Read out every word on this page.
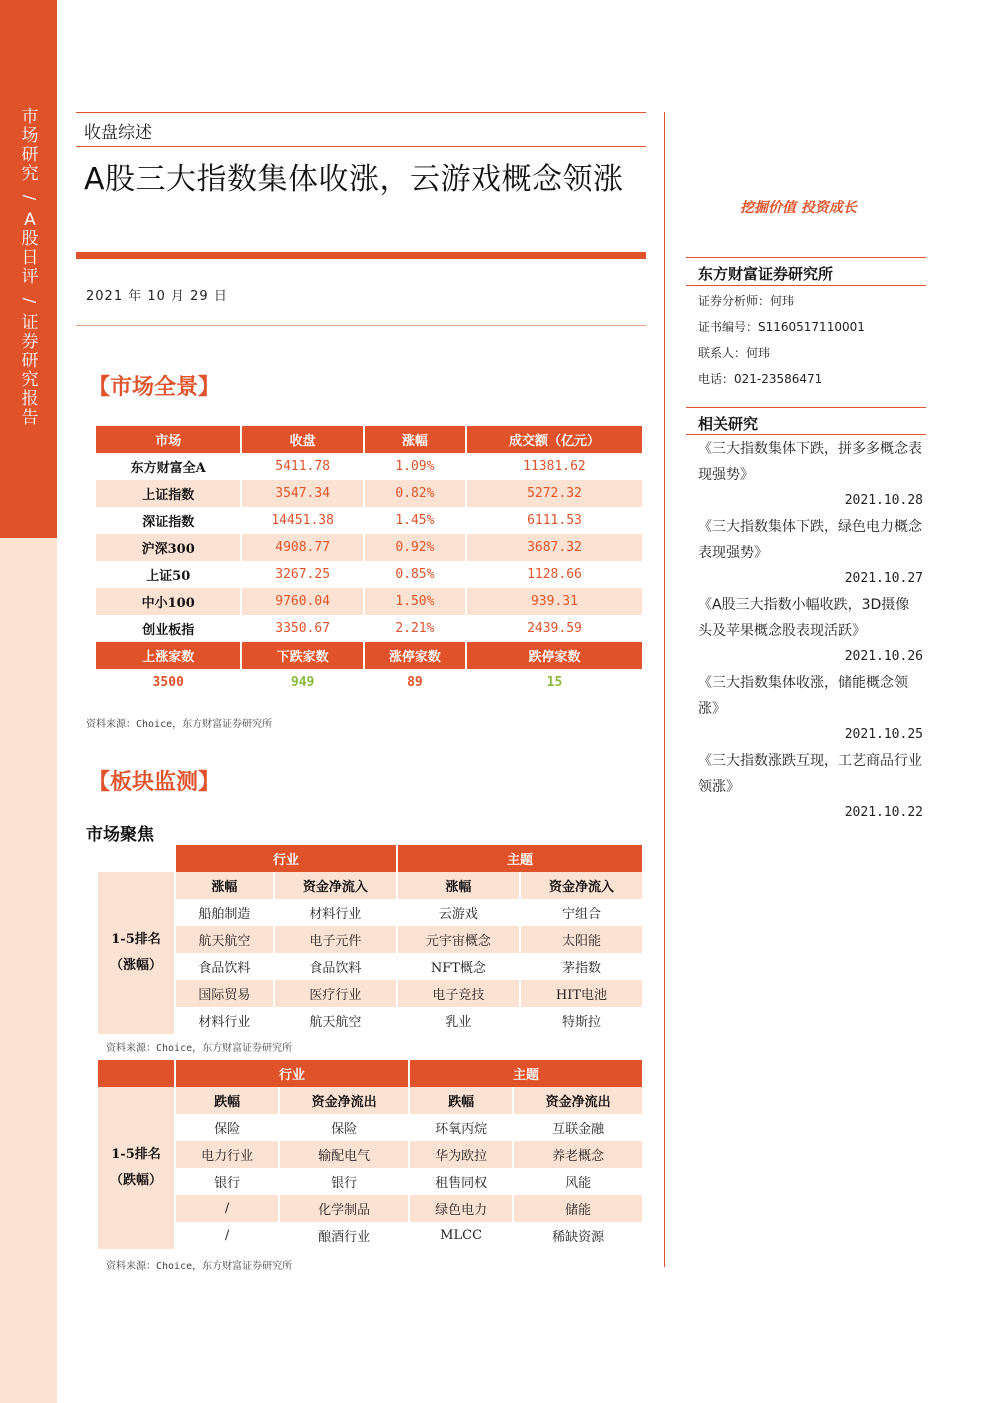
市场研究
/
A股日评
/
证券研究报告
收盘综述
A股三大指数集体收涨，云游戏概念领涨
2021 年 10 月 29 日
【市场全景】
市场	收盘	涨幅	成交额（亿元）
东方财富全A	5411.78	1.09%	11381.62
上证指数	3547.34	0.82%	5272.32
深证指数	14451.38	1.45%	6111.53
沪深300	4908.77	0.92%	3687.32
上证50	3267.25	0.85%	1128.66
中小100	9760.04	1.50%	939.31
创业板指	3350.67	2.21%	2439.59
上涨家数	下跌家数	涨停家数	跌停家数
3500	949	89	15
资料来源：Choice，东方财富证券研究所
【板块监测】
市场聚焦
	行业		主题	

1-5排名
（涨幅）	涨幅	资金净流入	涨幅	资金净流入
	船舶制造	材料行业	云游戏	宁组合
	航天航空	电子元件	元宇宙概念	太阳能
	食品饮料	食品饮料	NFT概念	茅指数
	国际贸易	医疗行业	电子竞技	HIT电池
	材料行业	航天航空	乳业	特斯拉
资料来源：Choice，东方财富证券研究所
	行业		主题	

1-5排名
（跌幅）	跌幅	资金净流出	跌幅	资金净流出
	保险	保险	环氧丙烷	互联金融
	电力行业	输配电气	华为欧拉	养老概念
	银行	银行	租售同权	风能
	/	化学制品	绿色电力	储能
	/	酿酒行业	MLCC	稀缺资源
资料来源：Choice，东方财富证券研究所
挖掘价值 投资成长
东方财富证券研究所
证券分析师：何玮
证书编号：S1160517110001
联系人：何玮
电话：021-23586471
相关研究
《三大指数集体下跌，拼多多概念表现强势》
2021.10.28
《三大指数集体下跌，绿色电力概念表现强势》
2021.10.27
《A股三大指数小幅收跌，3D摄像头及苹果概念股表现活跃》
2021.10.26
《三大指数集体收涨，储能概念领涨》
2021.10.25
《三大指数涨跌互现，工艺商品行业领涨》
2021.10.22
